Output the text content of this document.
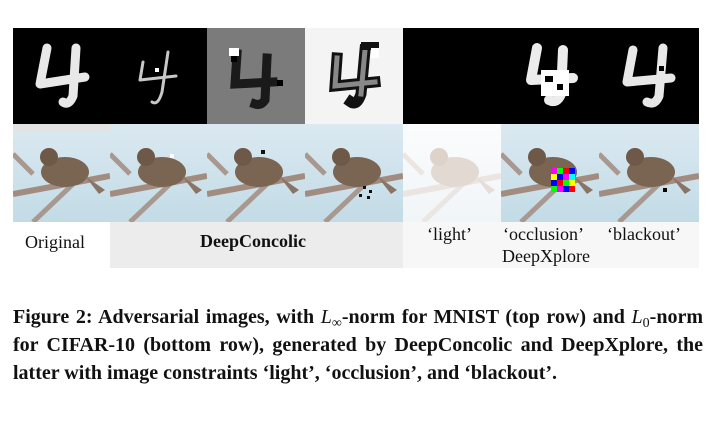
Original	DeepConcolic	‘light’ ‘occlusion’ ‘blackout’
DeepXplore
Figure 2: Adversarial images, with $L_\infty$-norm for MNIST (top row) and $L_0$-norm for CIFAR-10 (bottom row), generated by DeepConcolic and DeepXplore, the latter with image constraints ‘light’, ‘occlusion’, and ‘blackout’.
